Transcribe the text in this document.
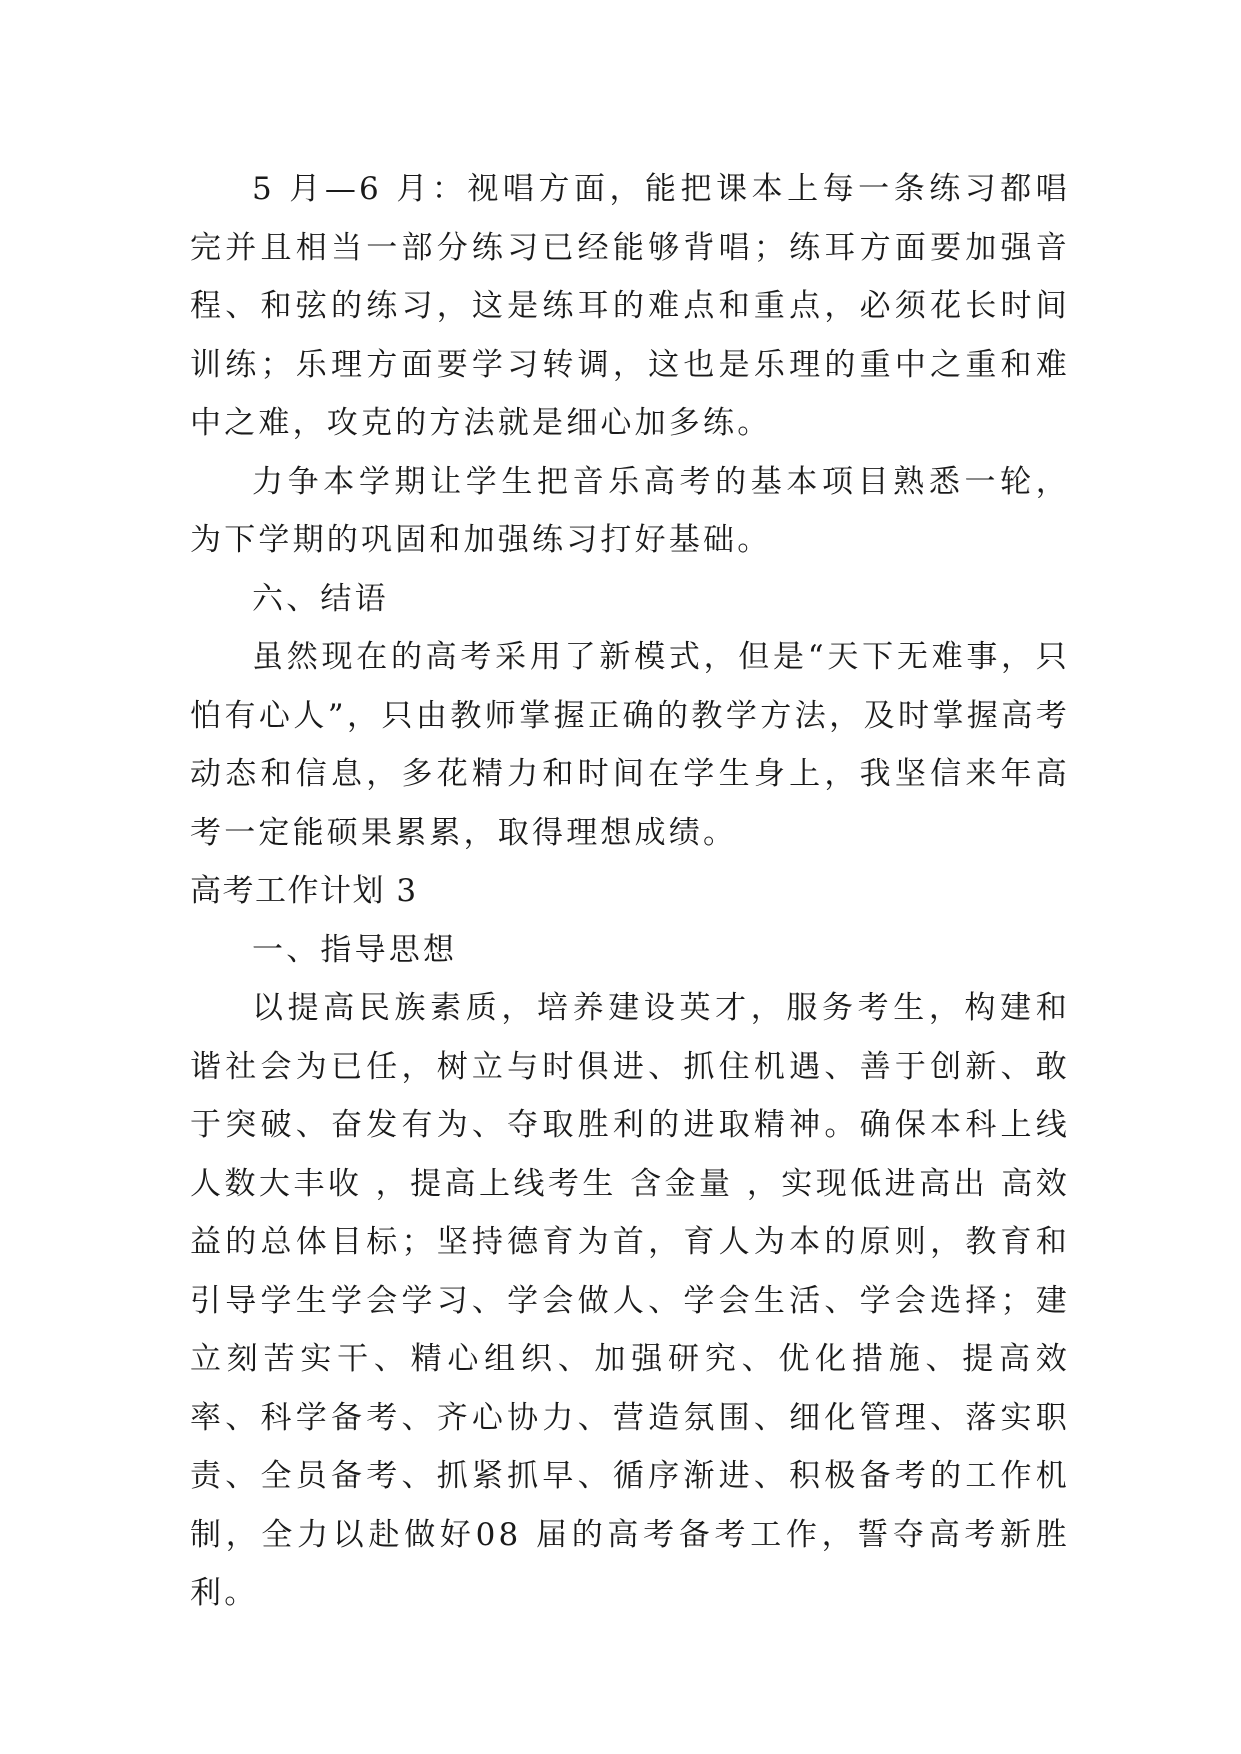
5 月—6 月：视唱方面，能把课本上每一条练习都唱完并且相当一部分练习已经能够背唱；练耳方面要加强音程、和弦的练习，这是练耳的难点和重点，必须花长时间训练；乐理方面要学习转调，这也是乐理的重中之重和难中之难，攻克的方法就是细心加多练。

力争本学期让学生把音乐高考的基本项目熟悉一轮，为下学期的巩固和加强练习打好基础。

六、结语

虽然现在的高考采用了新模式，但是“天下无难事，只怕有心人”，只由教师掌握正确的教学方法，及时掌握高考动态和信息，多花精力和时间在学生身上，我坚信来年高考一定能硕果累累，取得理想成绩。

高考工作计划 3

一、指导思想

以提高民族素质，培养建设英才，服务考生，构建和谐社会为已任，树立与时俱进、抓住机遇、善于创新、敢于突破、奋发有为、夺取胜利的进取精神。确保本科上线人数大丰收 ，提高上线考生 含金量 ，实现低进高出 高效益的总体目标；坚持德育为首，育人为本的原则，教育和引导学生学会学习、学会做人、学会生活、学会选择；建立刻苦实干、精心组织、加强研究、优化措施、提高效率、科学备考、齐心协力、营造氛围、细化管理、落实职责、全员备考、抓紧抓早、循序渐进、积极备考的工作机制，全力以赴做好08 届的高考备考工作，誓夺高考新胜利。
